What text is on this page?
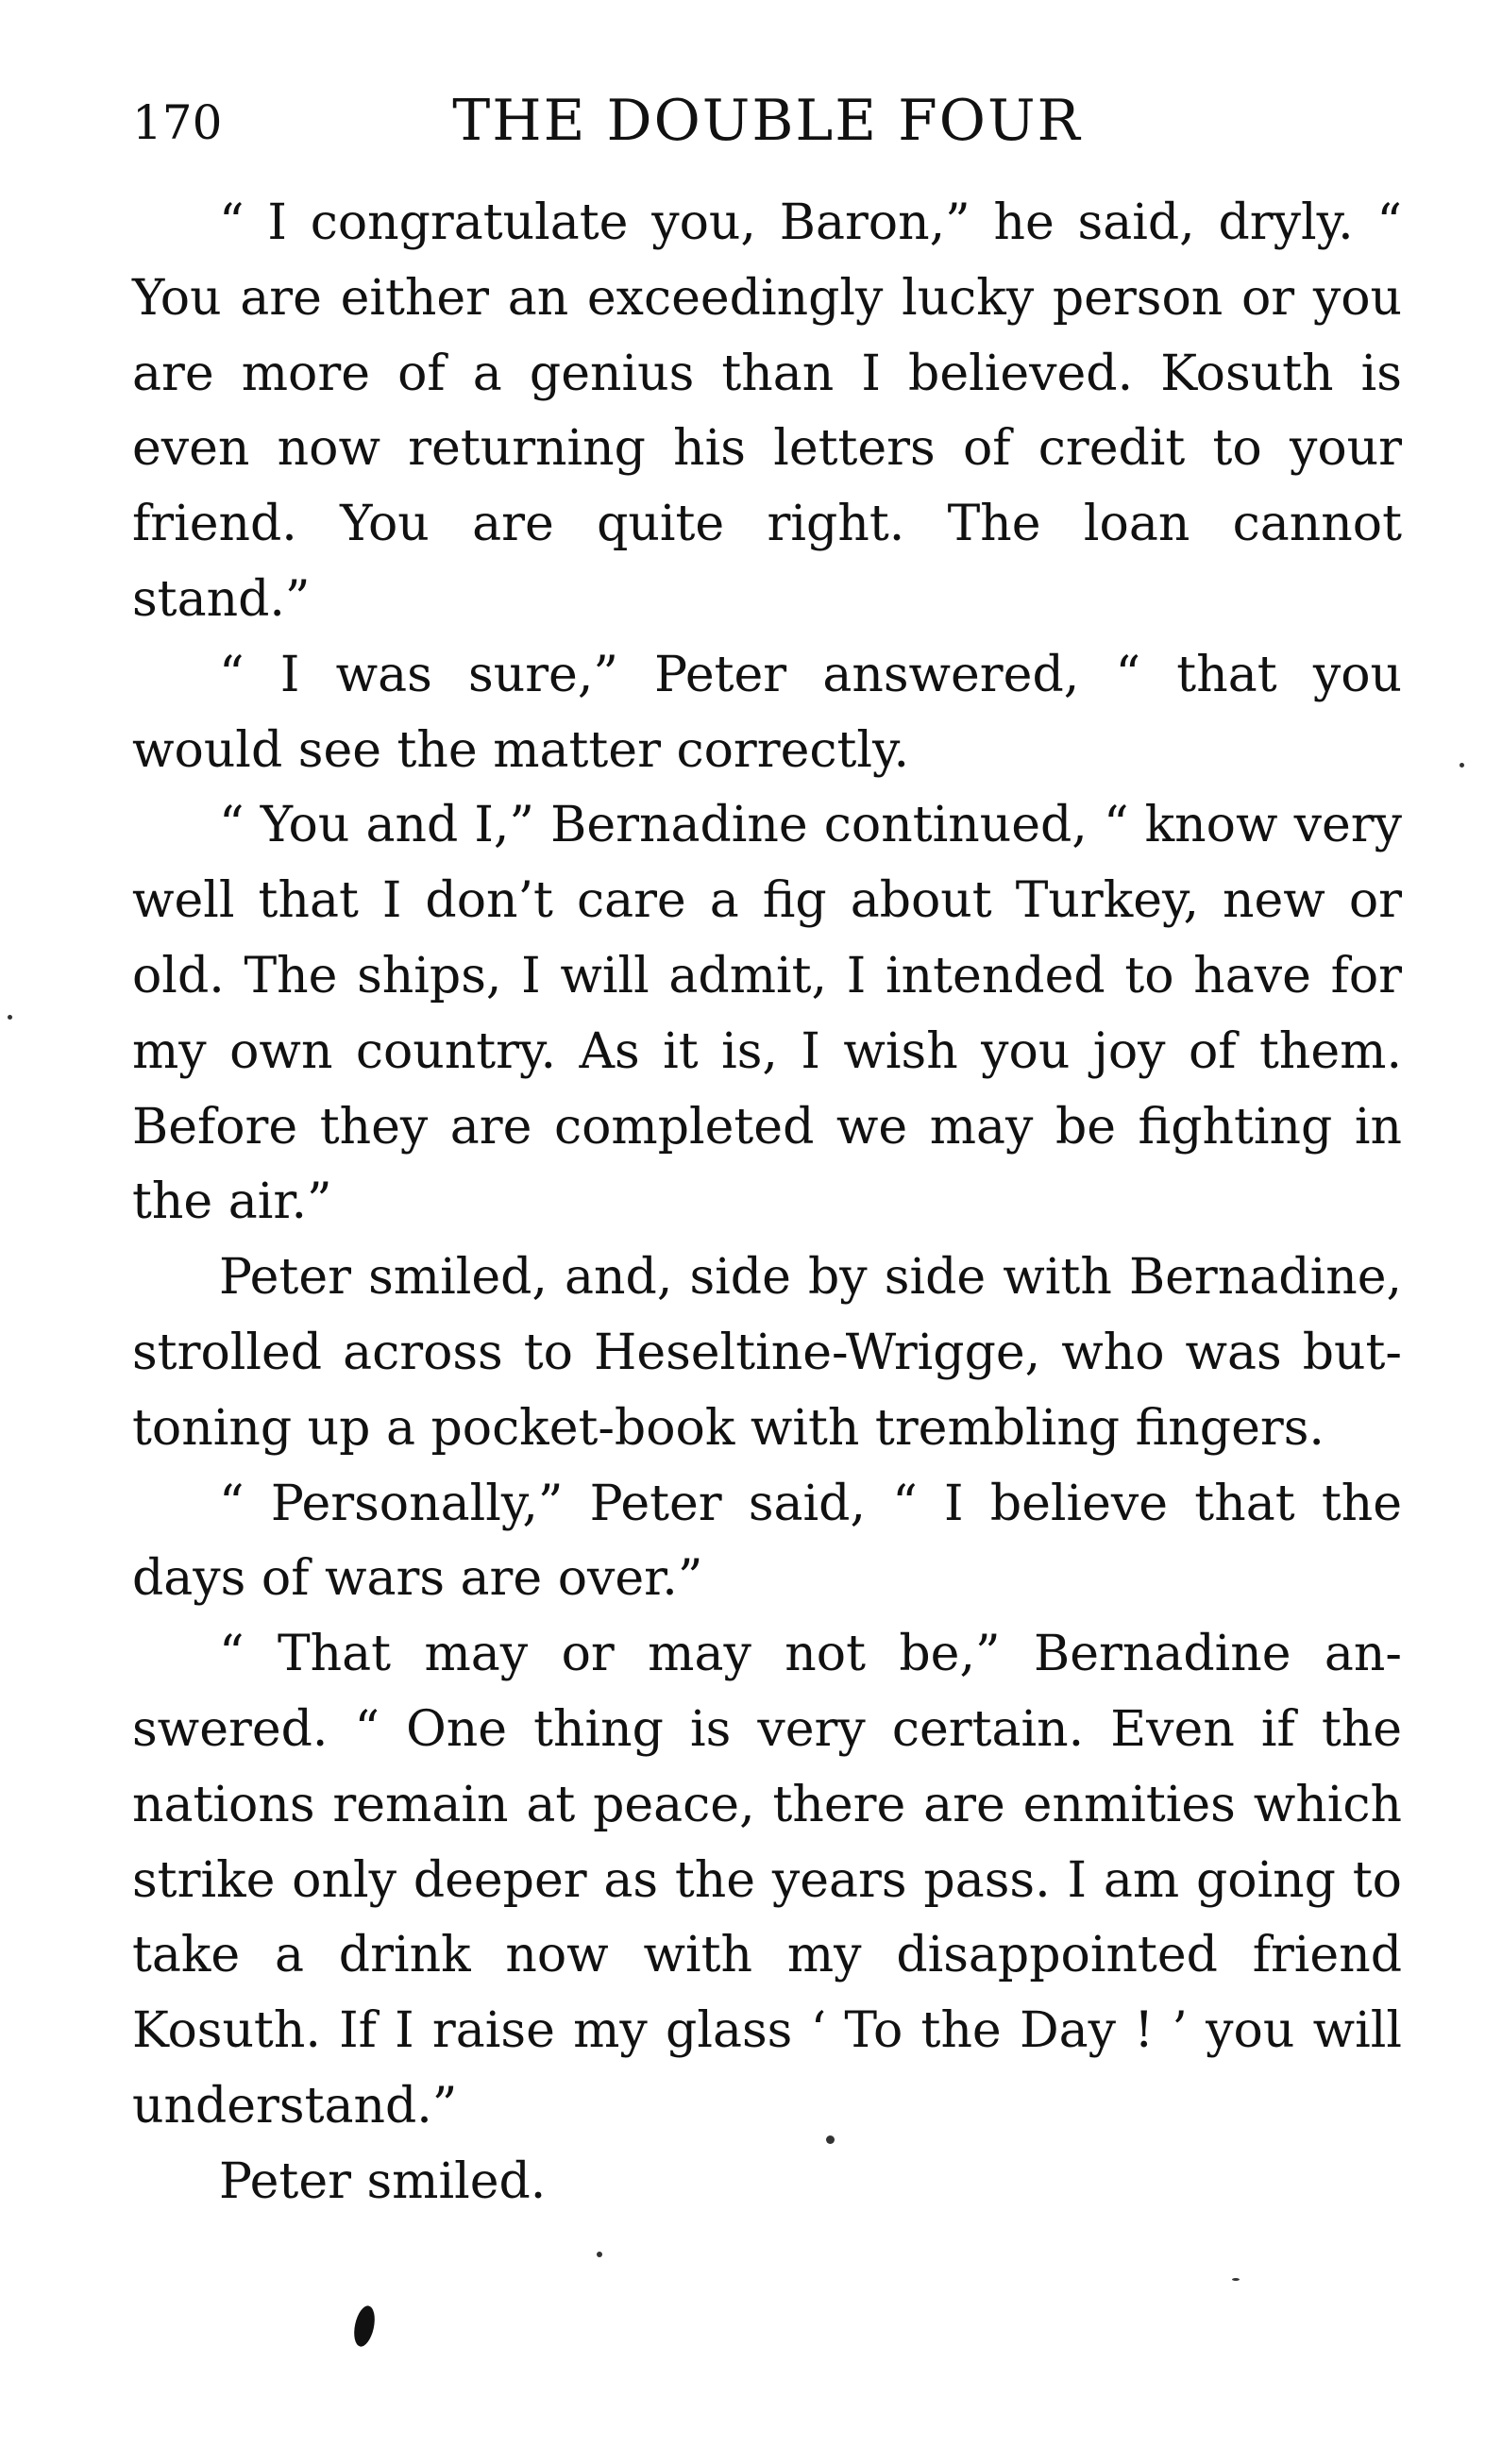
170	THE DOUBLE FOUR

“ I congratulate you, Baron,” he said, dryly. “ You are either an exceedingly lucky person or you are more of a genius than I believed. Kosuth is even now returning his letters of credit to your friend. You are quite right. The loan cannot stand.”

“ I was sure,” Peter answered, “ that you would see the matter correctly.

“ You and I,” Bernadine continued, “ know very well that I don’t care a fig about Turkey, new or old. The ships, I will admit, I intended to have for my own country. As it is, I wish you joy of them. Before they are completed we may be fighting in the air.”

Peter smiled, and, side by side with Bernadine, strolled across to Heseltine-Wrigge, who was buttoning up a pocket-book with trembling fingers.

“ Personally,” Peter said, “ I believe that the days of wars are over.”

“ That may or may not be,” Bernadine answered. “ One thing is very certain. Even if the nations remain at peace, there are enmities which strike only deeper as the years pass. I am going to take a drink now with my disappointed friend Kosuth. If I raise my glass ‘ To the Day ! ’ you will understand.”

Peter smiled.
